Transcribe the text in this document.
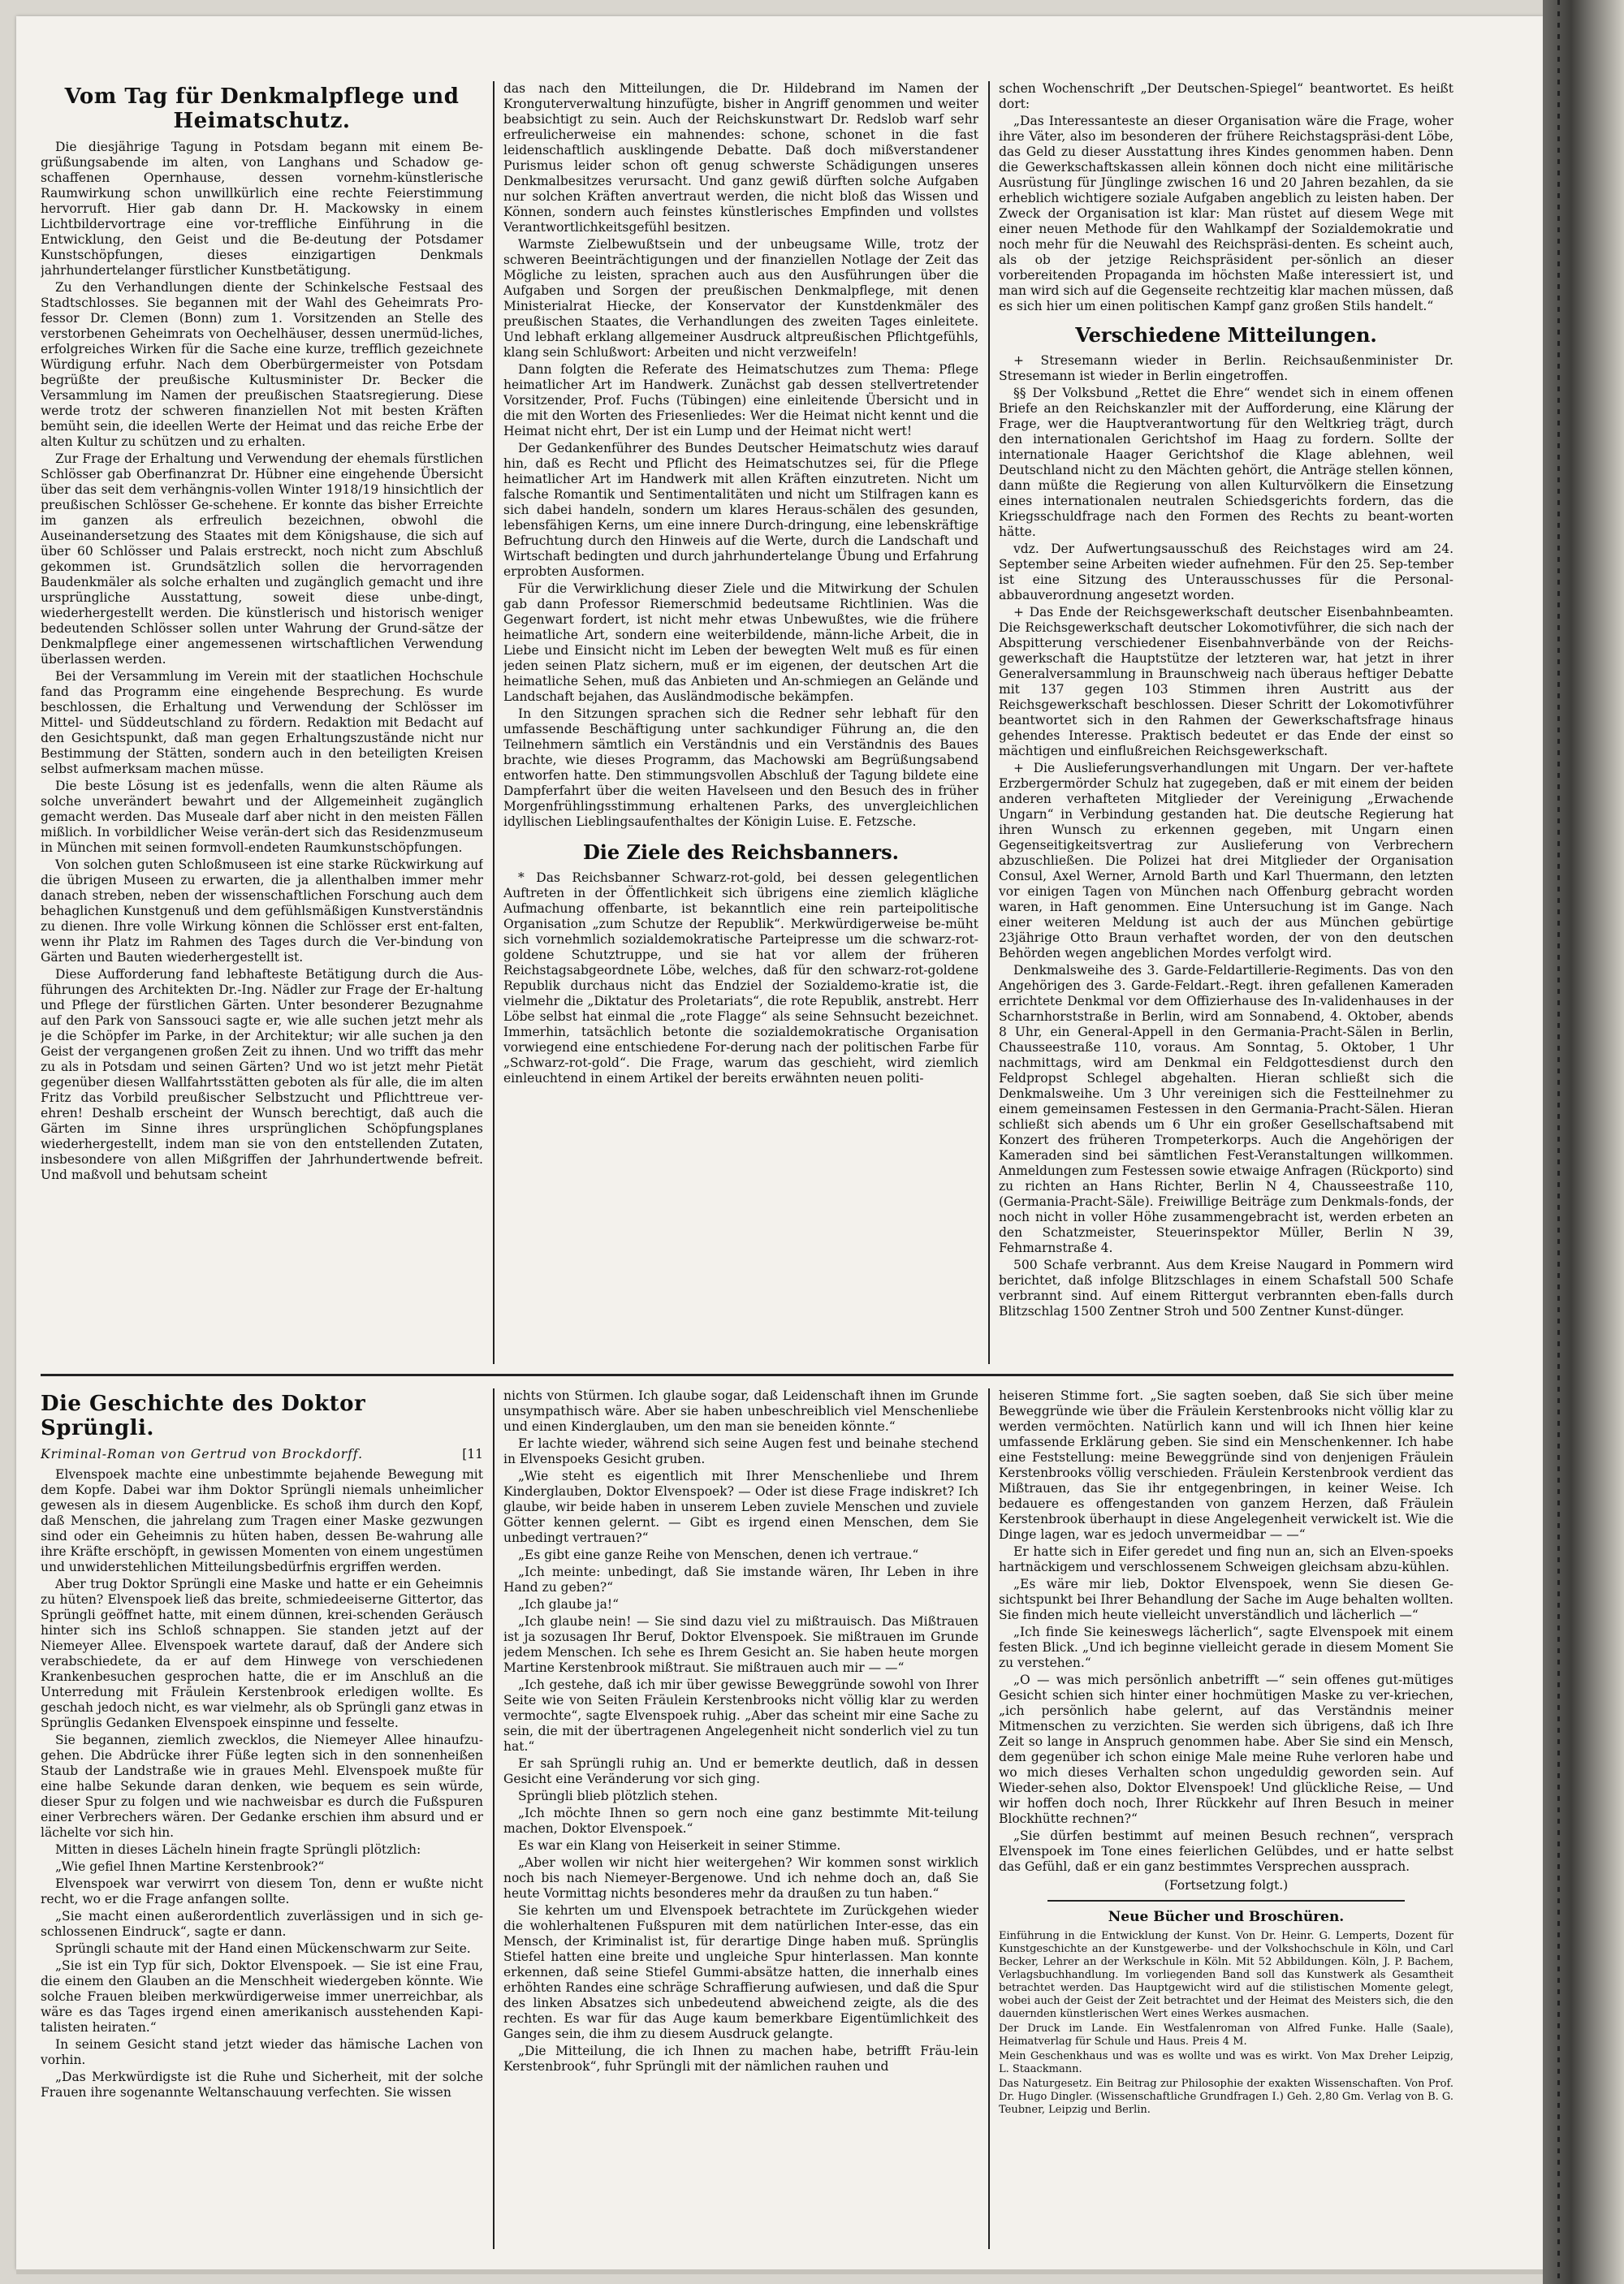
Vom Tag für Denkmalpflege und Heimatschutz.

Die diesjährige Tagung in Potsdam begann mit einem Be-grüßungsabende im alten, von Langhans und Schadow ge-schaffenen Opernhause, dessen vornehm-künstlerische Raumwirkung schon unwillkürlich eine rechte Feierstimmung hervorruft. Hier gab dann Dr. H. Mackowsky in einem Lichtbildervortrage eine vor-treffliche Einführung in die Entwicklung, den Geist und die Be-deutung der Potsdamer Kunstschöpfungen, dieses einzigartigen Denkmals jahrhundertelanger fürstlicher Kunstbetätigung.

Zu den Verhandlungen diente der Schinkelsche Festsaal des Stadtschlosses. Sie begannen mit der Wahl des Geheimrats Pro-fessor Dr. Clemen (Bonn) zum 1. Vorsitzenden an Stelle des verstorbenen Geheimrats von Oechelhäuser, dessen unermüd-liches, erfolgreiches Wirken für die Sache eine kurze, trefflich gezeichnete Würdigung erfuhr. Nach dem Oberbürgermeister von Potsdam begrüßte der preußische Kultusminister Dr. Becker die Versammlung im Namen der preußischen Staatsregierung. Diese werde trotz der schweren finanziellen Not mit besten Kräften bemüht sein, die ideellen Werte der Heimat und das reiche Erbe der alten Kultur zu schützen und zu erhalten.

Zur Frage der Erhaltung und Verwendung der ehemals fürstlichen Schlösser gab Oberfinanzrat Dr. Hübner eine eingehende Übersicht über das seit dem verhängnis-vollen Winter 1918/19 hinsichtlich der preußischen Schlösser Ge-schehene. Er konnte das bisher Erreichte im ganzen als erfreulich bezeichnen, obwohl die Auseinandersetzung des Staates mit dem Königshause, die sich auf über 60 Schlösser und Palais erstreckt, noch nicht zum Abschluß gekommen ist. Grundsätzlich sollen die hervorragenden Baudenkmäler als solche erhalten und zugänglich gemacht und ihre ursprüngliche Ausstattung, soweit diese unbe-dingt, wiederhergestellt werden. Die künstlerisch und historisch weniger bedeutenden Schlösser sollen unter Wahrung der Grund-sätze der Denkmalpflege einer angemessenen wirtschaftlichen Verwendung überlassen werden.

Bei der Versammlung im Verein mit der staatlichen Hochschule fand das Programm eine eingehende Besprechung. Es wurde beschlossen, die Erhaltung und Verwendung der Schlösser im Mittel- und Süddeutschland zu fördern. Redaktion mit Bedacht auf den Gesichtspunkt, daß man gegen Erhaltungszustände nicht nur Bestimmung der Stätten, sondern auch in den beteiligten Kreisen selbst aufmerksam machen müsse.

Die beste Lösung ist es jedenfalls, wenn die alten Räume als solche unverändert bewahrt und der Allgemeinheit zugänglich gemacht werden. Das Museale darf aber nicht in den meisten Fällen mißlich. In vorbildlicher Weise verän-dert sich das Residenzmuseum in München mit seinen formvoll-endeten Raumkunstschöpfungen.

Von solchen guten Schloßmuseen ist eine starke Rückwirkung auf die übrigen Museen zu erwarten, die ja allenthalben immer mehr danach streben, neben der wissenschaftlichen Forschung auch dem behaglichen Kunstgenuß und dem gefühlsmäßigen Kunstverständnis zu dienen. Ihre volle Wirkung können die Schlösser erst ent-falten, wenn ihr Platz im Rahmen des Tages durch die Ver-bindung von Gärten und Bauten wiederhergestellt ist.

Diese Aufforderung fand lebhafteste Betätigung durch die Aus-führungen des Architekten Dr.-Ing. Nädler zur Frage der Er-haltung und Pflege der fürstlichen Gärten. Unter besonderer Bezugnahme auf den Park von Sanssouci sagte er, wie alle suchen jetzt mehr als je die Schöpfer im Parke, in der Architektur; wir alle suchen ja den Geist der vergangenen großen Zeit zu ihnen. Und wo trifft das mehr zu als in Potsdam und seinen Gärten? Und wo ist jetzt mehr Pietät gegenüber diesen Wallfahrtsstätten geboten als für alle, die im alten Fritz das Vorbild preußischer Selbstzucht und Pflichttreue ver-ehren! Deshalb erscheint der Wunsch berechtigt, daß auch die Gärten im Sinne ihres ursprünglichen Schöpfungsplanes wiederhergestellt, indem man sie von den entstellenden Zutaten, insbesondere von allen Mißgriffen der Jahrhundertwende befreit. Und maßvoll und behutsam scheint

das nach den Mitteilungen, die Dr. Hildebrand im Namen der Kronguterverwaltung hinzufügte, bisher in Angriff genommen und weiter beabsichtigt zu sein. Auch der Reichskunstwart Dr. Redslob warf sehr erfreulicherweise ein mahnendes: schone, schonet in die fast leidenschaftlich ausklingende Debatte. Daß doch mißverstandener Purismus leider schon oft genug schwerste Schädigungen unseres Denkmalbesitzes verursacht. Und ganz gewiß dürften solche Aufgaben nur solchen Kräften anvertraut werden, die nicht bloß das Wissen und Können, sondern auch feinstes künstlerisches Empfinden und vollstes Verantwortlichkeitsgefühl besitzen.

Warmste Zielbewußtsein und der unbeugsame Wille, trotz der schweren Beeinträchtigungen und der finanziellen Notlage der Zeit das Mögliche zu leisten, sprachen auch aus den Ausführungen über die Aufgaben und Sorgen der preußischen Denkmalpflege, mit denen Ministerialrat Hiecke, der Konservator der Kunstdenkmäler des preußischen Staates, die Verhandlungen des zweiten Tages einleitete. Und lebhaft erklang allgemeiner Ausdruck altpreußischen Pflichtgefühls, klang sein Schlußwort: Arbeiten und nicht verzweifeln!

Dann folgten die Referate des Heimatschutzes zum Thema: Pflege heimatlicher Art im Handwerk. Zunächst gab dessen stellvertretender Vorsitzender, Prof. Fuchs (Tübingen) eine einleitende Übersicht und in die mit den Worten des Friesenliedes: Wer die Heimat nicht kennt und die Heimat nicht ehrt, Der ist ein Lump und der Heimat nicht wert!

Der Gedankenführer des Bundes Deutscher Heimatschutz wies darauf hin, daß es Recht und Pflicht des Heimatschutzes sei, für die Pflege heimatlicher Art im Handwerk mit allen Kräften einzutreten. Nicht um falsche Romantik und Sentimentalitäten und nicht um Stilfragen kann es sich dabei handeln, sondern um klares Heraus-schälen des gesunden, lebensfähigen Kerns, um eine innere Durch-dringung, eine lebenskräftige Befruchtung durch den Hinweis auf die Werte, durch die Landschaft und Wirtschaft bedingten und durch jahrhundertelange Übung und Erfahrung erprobten Ausformen.

Für die Verwirklichung dieser Ziele und die Mitwirkung der Schulen gab dann Professor Riemerschmid bedeutsame Richtlinien. Was die Gegenwart fordert, ist nicht mehr etwas Unbewußtes, wie die frühere heimatliche Art, sondern eine weiterbildende, männ-liche Arbeit, die in Liebe und Einsicht nicht im Leben der bewegten Welt muß es für einen jeden seinen Platz sichern, muß er im eigenen, der deutschen Art die heimatliche Sehen, muß das Anbieten und An-schmiegen an Gelände und Landschaft bejahen, das Ausländmodische bekämpfen.

In den Sitzungen sprachen sich die Redner sehr lebhaft für den umfassende Beschäftigung unter sachkundiger Führung an, die den Teilnehmern sämtlich ein Verständnis und ein Verständnis des Baues brachte, wie dieses Programm, das Machowski am Begrüßungsabend entworfen hatte. Den stimmungsvollen Abschluß der Tagung bildete eine Dampferfahrt über die weiten Havelseen und den Besuch des in früher Morgenfrühlingsstimmung erhaltenen Parks, des unvergleichlichen idyllischen Lieblingsaufenthaltes der Königin Luise. E. Fetzsche.

Die Ziele des Reichsbanners.

* Das Reichsbanner Schwarz-rot-gold, bei dessen gelegentlichen Auftreten in der Öffentlichkeit sich übrigens eine ziemlich klägliche Aufmachung offenbarte, ist bekanntlich eine rein parteipolitische Organisation „zum Schutze der Republik“. Merkwürdigerweise be-müht sich vornehmlich sozialdemokratische Parteipresse um die schwarz-rot-goldene Schutztruppe, und sie hat vor allem der früheren Reichstagsabgeordnete Löbe, welches, daß für den schwarz-rot-goldene Republik durchaus nicht das Endziel der Sozialdemo-kratie ist, die vielmehr die „Diktatur des Proletariats“, die rote Republik, anstrebt. Herr Löbe selbst hat einmal die „rote Flagge“ als seine Sehnsucht bezeichnet. Immerhin, tatsächlich betonte die sozialdemokratische Organisation vorwiegend eine entschiedene For-derung nach der politischen Farbe für „Schwarz-rot-gold“. Die Frage, warum das geschieht, wird ziemlich einleuchtend in einem Artikel der bereits erwähnten neuen politi-

schen Wochenschrift „Der Deutschen-Spiegel“ beantwortet. Es heißt dort:

„Das Interessanteste an dieser Organisation wäre die Frage, woher ihre Väter, also im besonderen der frühere Reichstagspräsi-dent Löbe, das Geld zu dieser Ausstattung ihres Kindes genommen haben. Denn die Gewerkschaftskassen allein können doch nicht eine militärische Ausrüstung für Jünglinge zwischen 16 und 20 Jahren bezahlen, da sie erheblich wichtigere soziale Aufgaben angeblich zu leisten haben. Der Zweck der Organisation ist klar: Man rüstet auf diesem Wege mit einer neuen Methode für den Wahlkampf der Sozialdemokratie und noch mehr für die Neuwahl des Reichspräsi-denten. Es scheint auch, als ob der jetzige Reichspräsident per-sönlich an dieser vorbereitenden Propaganda im höchsten Maße interessiert ist, und man wird sich auf die Gegenseite rechtzeitig klar machen müssen, daß es sich hier um einen politischen Kampf ganz großen Stils handelt.“

Verschiedene Mitteilungen.

+ Stresemann wieder in Berlin. Reichsaußenminister Dr. Stresemann ist wieder in Berlin eingetroffen.

§§ Der Volksbund „Rettet die Ehre“ wendet sich in einem offenen Briefe an den Reichskanzler mit der Aufforderung, eine Klärung der Frage, wer die Hauptverantwortung für den Weltkrieg trägt, durch den internationalen Gerichtshof im Haag zu fordern. Sollte der internationale Haager Gerichtshof die Klage ablehnen, weil Deutschland nicht zu den Mächten gehört, die Anträge stellen können, dann müßte die Regierung von allen Kulturvölkern die Einsetzung eines internationalen neutralen Schiedsgerichts fordern, das die Kriegsschuldfrage nach den Formen des Rechts zu beant-worten hätte.

vdz. Der Aufwertungsausschuß des Reichstages wird am 24. September seine Arbeiten wieder aufnehmen. Für den 25. Sep-tember ist eine Sitzung des Unterausschusses für die Personal-abbauverordnung angesetzt worden.

+ Das Ende der Reichsgewerkschaft deutscher Eisenbahnbeamten. Die Reichsgewerkschaft deutscher Lokomotivführer, die sich nach der Abspitterung verschiedener Eisenbahnverbände von der Reichs-gewerkschaft die Hauptstütze der letzteren war, hat jetzt in ihrer Generalversammlung in Braunschweig nach überaus heftiger Debatte mit 137 gegen 103 Stimmen ihren Austritt aus der Reichsgewerkschaft beschlossen. Dieser Schritt der Lokomotivführer beantwortet sich in den Rahmen der Gewerkschaftsfrage hinaus gehendes Interesse. Praktisch bedeutet er das Ende der einst so mächtigen und einflußreichen Reichsgewerkschaft.

+ Die Auslieferungsverhandlungen mit Ungarn. Der ver-haftete Erzbergermörder Schulz hat zugegeben, daß er mit einem der beiden anderen verhafteten Mitglieder der Vereinigung „Erwachende Ungarn“ in Verbindung gestanden hat. Die deutsche Regierung hat ihren Wunsch zu erkennen gegeben, mit Ungarn einen Gegenseitigkeitsvertrag zur Auslieferung von Verbrechern abzuschließen. Die Polizei hat drei Mitglieder der Organisation Consul, Axel Werner, Arnold Barth und Karl Thuermann, den letzten vor einigen Tagen von München nach Offenburg gebracht worden waren, in Haft genommen. Eine Untersuchung ist im Gange. Nach einer weiteren Meldung ist auch der aus München gebürtige 23jährige Otto Braun verhaftet worden, der von den deutschen Behörden wegen angeblichen Mordes verfolgt wird.

Denkmalsweihe des 3. Garde-Feldartillerie-Regiments. Das von den Angehörigen des 3. Garde-Feldart.-Regt. ihren gefallenen Kameraden errichtete Denkmal vor dem Offizierhause des In-validenhauses in der Scharnhorststraße in Berlin, wird am Sonnabend, 4. Oktober, abends 8 Uhr, ein General-Appell in den Germania-Pracht-Sälen in Berlin, Chausseestraße 110, voraus. Am Sonntag, 5. Oktober, 1 Uhr nachmittags, wird am Denkmal ein Feldgottesdienst durch den Feldpropst Schlegel abgehalten. Hieran schließt sich die Denkmalsweihe. Um 3 Uhr vereinigen sich die Festteilnehmer zu einem gemeinsamen Festessen in den Germania-Pracht-Sälen. Hieran schließt sich abends um 6 Uhr ein großer Gesellschaftsabend mit Konzert des früheren Trompeterkorps. Auch die Angehörigen der Kameraden sind bei sämtlichen Fest-Veranstaltungen willkommen. Anmeldungen zum Festessen sowie etwaige Anfragen (Rückporto) sind zu richten an Hans Richter, Berlin N 4, Chausseestraße 110, (Germania-Pracht-Säle). Freiwillige Beiträge zum Denkmals-fonds, der noch nicht in voller Höhe zusammengebracht ist, werden erbeten an den Schatzmeister, Steuerinspektor Müller, Berlin N 39, Fehmarnstraße 4.

500 Schafe verbrannt. Aus dem Kreise Naugard in Pommern wird berichtet, daß infolge Blitzschlages in einem Schafstall 500 Schafe verbrannt sind. Auf einem Rittergut verbrannten eben-falls durch Blitzschlag 1500 Zentner Stroh und 500 Zentner Kunst-dünger.

Die Geschichte des Doktor Sprüngli.
Kriminal-Roman von Gertrud von Brockdorff.	[11

Elvenspoek machte eine unbestimmte bejahende Bewegung mit dem Kopfe. Dabei war ihm Doktor Sprüngli niemals unheimlicher gewesen als in diesem Augenblicke. Es schoß ihm durch den Kopf, daß Menschen, die jahrelang zum Tragen einer Maske gezwungen sind oder ein Geheimnis zu hüten haben, dessen Be-wahrung alle ihre Kräfte erschöpft, in gewissen Momenten von einem ungestümen und unwiderstehlichen Mitteilungsbedürfnis ergriffen werden.

Aber trug Doktor Sprüngli eine Maske und hatte er ein Geheimnis zu hüten? Elvenspoek ließ das breite, schmiedeeiserne Gittertor, das Sprüngli geöffnet hatte, mit einem dünnen, krei-schenden Geräusch hinter sich ins Schloß schnappen. Sie standen jetzt auf der Niemeyer Allee. Elvenspoek wartete darauf, daß der Andere sich verabschiedete, da er auf dem Hinwege von verschiedenen Krankenbesuchen gesprochen hatte, die er im Anschluß an die Unterredung mit Fräulein Kerstenbrook erledigen wollte. Es geschah jedoch nicht, es war vielmehr, als ob Sprüngli ganz etwas in Sprünglis Gedanken Elvenspoek einspinne und fesselte.

Sie begannen, ziemlich zwecklos, die Niemeyer Allee hinaufzu-gehen. Die Abdrücke ihrer Füße legten sich in den sonnenheißen Staub der Landstraße wie in graues Mehl. Elvenspoek mußte für eine halbe Sekunde daran denken, wie bequem es sein würde, dieser Spur zu folgen und wie nachweisbar es durch die Fußspuren einer Verbrechers wären. Der Gedanke erschien ihm absurd und er lächelte vor sich hin.

Mitten in dieses Lächeln hinein fragte Sprüngli plötzlich:

„Wie gefiel Ihnen Martine Kerstenbrook?“

Elvenspoek war verwirrt von diesem Ton, denn er wußte nicht recht, wo er die Frage anfangen sollte.

„Sie macht einen außerordentlich zuverlässigen und in sich ge-schlossenen Eindruck“, sagte er dann.

Sprüngli schaute mit der Hand einen Mückenschwarm zur Seite.

„Sie ist ein Typ für sich, Doktor Elvenspoek. — Sie ist eine Frau, die einem den Glauben an die Menschheit wiedergeben könnte. Wie solche Frauen bleiben merkwürdigerweise immer unerreichbar, als wäre es das Tages irgend einen amerikanisch ausstehenden Kapi-talisten heiraten.“

In seinem Gesicht stand jetzt wieder das hämische Lachen von vorhin.

„Das Merkwürdigste ist die Ruhe und Sicherheit, mit der solche Frauen ihre sogenannte Weltanschauung verfechten. Sie wissen

nichts von Stürmen. Ich glaube sogar, daß Leidenschaft ihnen im Grunde unsympathisch wäre. Aber sie haben unbeschreiblich viel Menschenliebe und einen Kinderglauben, um den man sie beneiden könnte.“

Er lachte wieder, während sich seine Augen fest und beinahe stechend in Elvenspoeks Gesicht gruben.

„Wie steht es eigentlich mit Ihrer Menschenliebe und Ihrem Kinderglauben, Doktor Elvenspoek? — Oder ist diese Frage indiskret? Ich glaube, wir beide haben in unserem Leben zuviele Menschen und zuviele Götter kennen gelernt. — Gibt es irgend einen Menschen, dem Sie unbedingt vertrauen?“

„Es gibt eine ganze Reihe von Menschen, denen ich vertraue.“

„Ich meinte: unbedingt, daß Sie imstande wären, Ihr Leben in ihre Hand zu geben?“

„Ich glaube ja!“

„Ich glaube nein! — Sie sind dazu viel zu mißtrauisch. Das Mißtrauen ist ja sozusagen Ihr Beruf, Doktor Elvenspoek. Sie mißtrauen im Grunde jedem Menschen. Ich sehe es Ihrem Gesicht an. Sie haben heute morgen Martine Kerstenbrook mißtraut. Sie mißtrauen auch mir — —“

„Ich gestehe, daß ich mir über gewisse Beweggründe sowohl von Ihrer Seite wie von Seiten Fräulein Kerstenbrooks nicht völlig klar zu werden vermochte“, sagte Elvenspoek ruhig. „Aber das scheint mir eine Sache zu sein, die mit der übertragenen Angelegenheit nicht sonderlich viel zu tun hat.“

Er sah Sprüngli ruhig an. Und er bemerkte deutlich, daß in dessen Gesicht eine Veränderung vor sich ging.

Sprüngli blieb plötzlich stehen.

„Ich möchte Ihnen so gern noch eine ganz bestimmte Mit-teilung machen, Doktor Elvenspoek.“

Es war ein Klang von Heiserkeit in seiner Stimme.

„Aber wollen wir nicht hier weitergehen? Wir kommen sonst wirklich noch bis nach Niemeyer-Bergenowe. Und ich nehme doch an, daß Sie heute Vormittag nichts besonderes mehr da draußen zu tun haben.“

Sie kehrten um und Elvenspoek betrachtete im Zurückgehen wieder die wohlerhaltenen Fußspuren mit dem natürlichen Inter-esse, das ein Mensch, der Kriminalist ist, für derartige Dinge haben muß. Sprünglis Stiefel hatten eine breite und ungleiche Spur hinterlassen. Man konnte erkennen, daß seine Stiefel Gummi-absätze hatten, die innerhalb eines erhöhten Randes eine schräge Schraffierung aufwiesen, und daß die Spur des linken Absatzes sich unbedeutend abweichend zeigte, als die des rechten. Es war für das Auge kaum bemerkbare Eigentümlichkeit des Ganges sein, die ihm zu diesem Ausdruck gelangte.

„Die Mitteilung, die ich Ihnen zu machen habe, betrifft Fräu-lein Kerstenbrook“, fuhr Sprüngli mit der nämlichen rauhen und

heiseren Stimme fort. „Sie sagten soeben, daß Sie sich über meine Beweggründe wie über die Fräulein Kerstenbrooks nicht völlig klar zu werden vermöchten. Natürlich kann und will ich Ihnen hier keine umfassende Erklärung geben. Sie sind ein Menschenkenner. Ich habe eine Feststellung: meine Beweggründe sind von denjenigen Fräulein Kerstenbrooks völlig verschieden. Fräulein Kerstenbrook verdient das Mißtrauen, das Sie ihr entgegenbringen, in keiner Weise. Ich bedauere es offengestanden von ganzem Herzen, daß Fräulein Kerstenbrook überhaupt in diese Angelegenheit verwickelt ist. Wie die Dinge lagen, war es jedoch unvermeidbar — —“

Er hatte sich in Eifer geredet und fing nun an, sich an Elven-spoeks hartnäckigem und verschlossenem Schweigen gleichsam abzu-kühlen.

„Es wäre mir lieb, Doktor Elvenspoek, wenn Sie diesen Ge-sichtspunkt bei Ihrer Behandlung der Sache im Auge behalten wollten. Sie finden mich heute vielleicht unverständlich und lächerlich —“

„Ich finde Sie keineswegs lächerlich“, sagte Elvenspoek mit einem festen Blick. „Und ich beginne vielleicht gerade in diesem Moment Sie zu verstehen.“

„O — was mich persönlich anbetrifft —“ sein offenes gut-mütiges Gesicht schien sich hinter einer hochmütigen Maske zu ver-kriechen, „ich persönlich habe gelernt, auf das Verständnis meiner Mitmenschen zu verzichten. Sie werden sich übrigens, daß ich Ihre Zeit so lange in Anspruch genommen habe. Aber Sie sind ein Mensch, dem gegenüber ich schon einige Male meine Ruhe verloren habe und wo mich dieses Verhalten schon ungeduldig geworden sein. Auf Wieder-sehen also, Doktor Elvenspoek! Und glückliche Reise, — Und wir hoffen doch noch, Ihrer Rückkehr auf Ihren Besuch in meiner Blockhütte rechnen?“

„Sie dürfen bestimmt auf meinen Besuch rechnen“, versprach Elvenspoek im Tone eines feierlichen Gelübdes, und er hatte selbst das Gefühl, daß er ein ganz bestimmtes Versprechen aussprach.

(Fortsetzung folgt.)

Neue Bücher und Broschüren.

Einführung in die Entwicklung der Kunst. Von Dr. Heinr. G. Lemperts, Dozent für Kunstgeschichte an der Kunstgewerbe- und der Volkshochschule in Köln, und Carl Becker, Lehrer an der Werkschule in Köln. Mit 52 Abbildungen. Köln, J. P. Bachem, Verlagsbuchhandlung. Im vorliegenden Band soll das Kunstwerk als Gesamtheit betrachtet werden. Das Hauptgewicht wird auf die stilistischen Momente gelegt, wobei auch der Geist der Zeit betrachtet und der Heimat des Meisters sich, die den dauernden künstlerischen Wert eines Werkes ausmachen.

Der Druck im Lande. Ein Westfalenroman von Alfred Funke. Halle (Saale), Heimatverlag für Schule und Haus. Preis 4 M.

Mein Geschenkhaus und was es wollte und was es wirkt. Von Max Dreher Leipzig, L. Staackmann.

Das Naturgesetz. Ein Beitrag zur Philosophie der exakten Wissenschaften. Von Prof. Dr. Hugo Dingler. (Wissenschaftliche Grundfragen I.) Geh. 2,80 Gm. Verlag von B. G. Teubner, Leipzig und Berlin.
